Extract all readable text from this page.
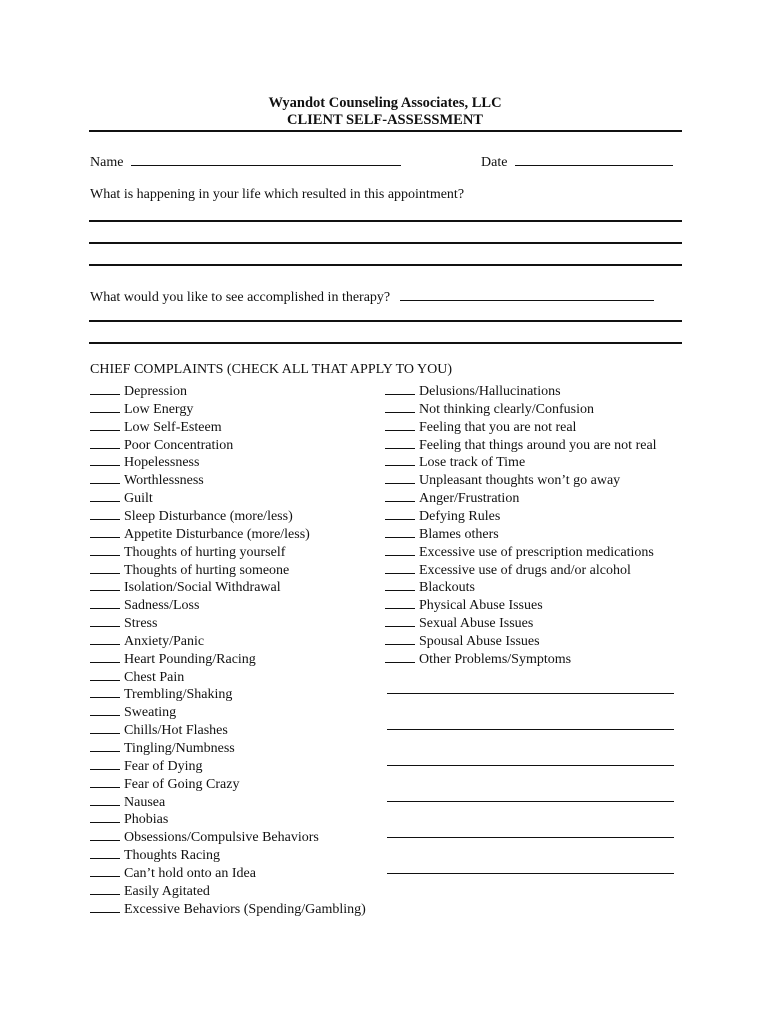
Wyandot Counseling Associates, LLC
CLIENT SELF-ASSESSMENT
Name	Date
What is happening in your life which resulted in this appointment?
What would you like to see accomplished in therapy?
CHIEF COMPLAINTS (CHECK ALL THAT APPLY TO YOU)
Depression
Low Energy
Low Self-Esteem
Poor Concentration
Hopelessness
Worthlessness
Guilt
Sleep Disturbance (more/less)
Appetite Disturbance (more/less)
Thoughts of hurting yourself
Thoughts of hurting someone
Isolation/Social Withdrawal
Sadness/Loss
Stress
Anxiety/Panic
Heart Pounding/Racing
Chest Pain
Trembling/Shaking
Sweating
Chills/Hot Flashes
Tingling/Numbness
Fear of Dying
Fear of Going Crazy
Nausea
Phobias
Obsessions/Compulsive Behaviors
Thoughts Racing
Can’t hold onto an Idea
Easily Agitated
Excessive Behaviors (Spending/Gambling)
Delusions/Hallucinations
Not thinking clearly/Confusion
Feeling that you are not real
Feeling that things around you are not real
Lose track of Time
Unpleasant thoughts won’t go away
Anger/Frustration
Defying Rules
Blames others
Excessive use of prescription medications
Excessive use of drugs and/or alcohol
Blackouts
Physical Abuse Issues
Sexual Abuse Issues
Spousal Abuse Issues
Other Problems/Symptoms
